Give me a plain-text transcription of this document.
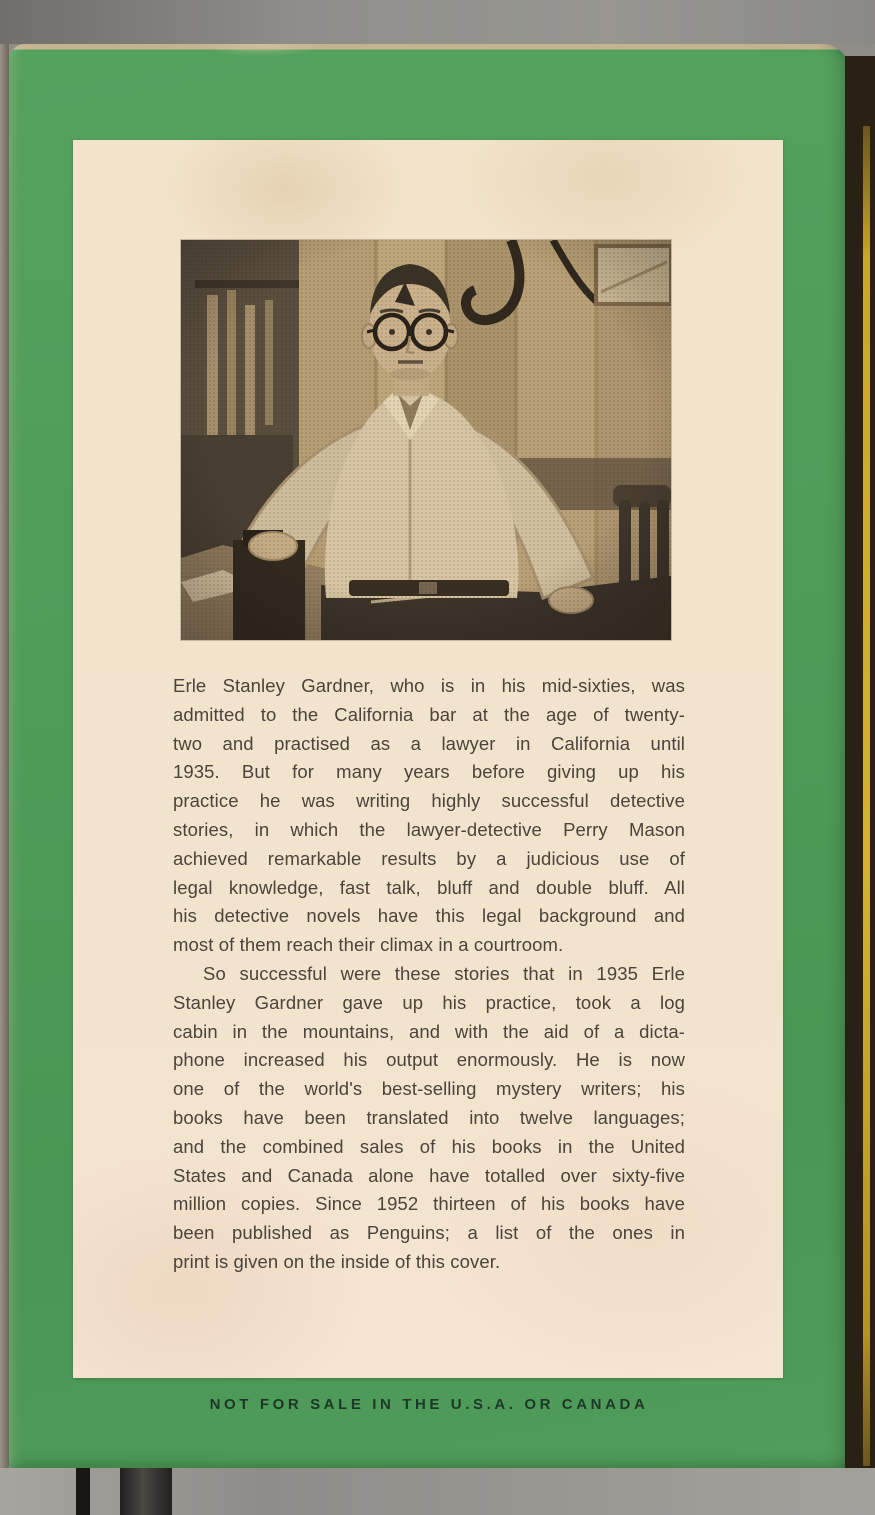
Erle Stanley Gardner, who is in his mid-sixties, was
admitted to the California bar at the age of twenty-
two and practised as a lawyer in California until
1935. But for many years before giving up his
practice he was writing highly successful detective
stories, in which the lawyer-detective Perry Mason
achieved remarkable results by a judicious use of
legal knowledge, fast talk, bluff and double bluff. All
his detective novels have this legal background and
most of them reach their climax in a courtroom.
So successful were these stories that in 1935 Erle
Stanley Gardner gave up his practice, took a log
cabin in the mountains, and with the aid of a dicta-
phone increased his output enormously. He is now
one of the world's best-selling mystery writers; his
books have been translated into twelve languages;
and the combined sales of his books in the United
States and Canada alone have totalled over sixty-five
million copies. Since 1952 thirteen of his books have
been published as Penguins; a list of the ones in
print is given on the inside of this cover.
NOT FOR SALE IN THE U.S.A. OR CANADA
